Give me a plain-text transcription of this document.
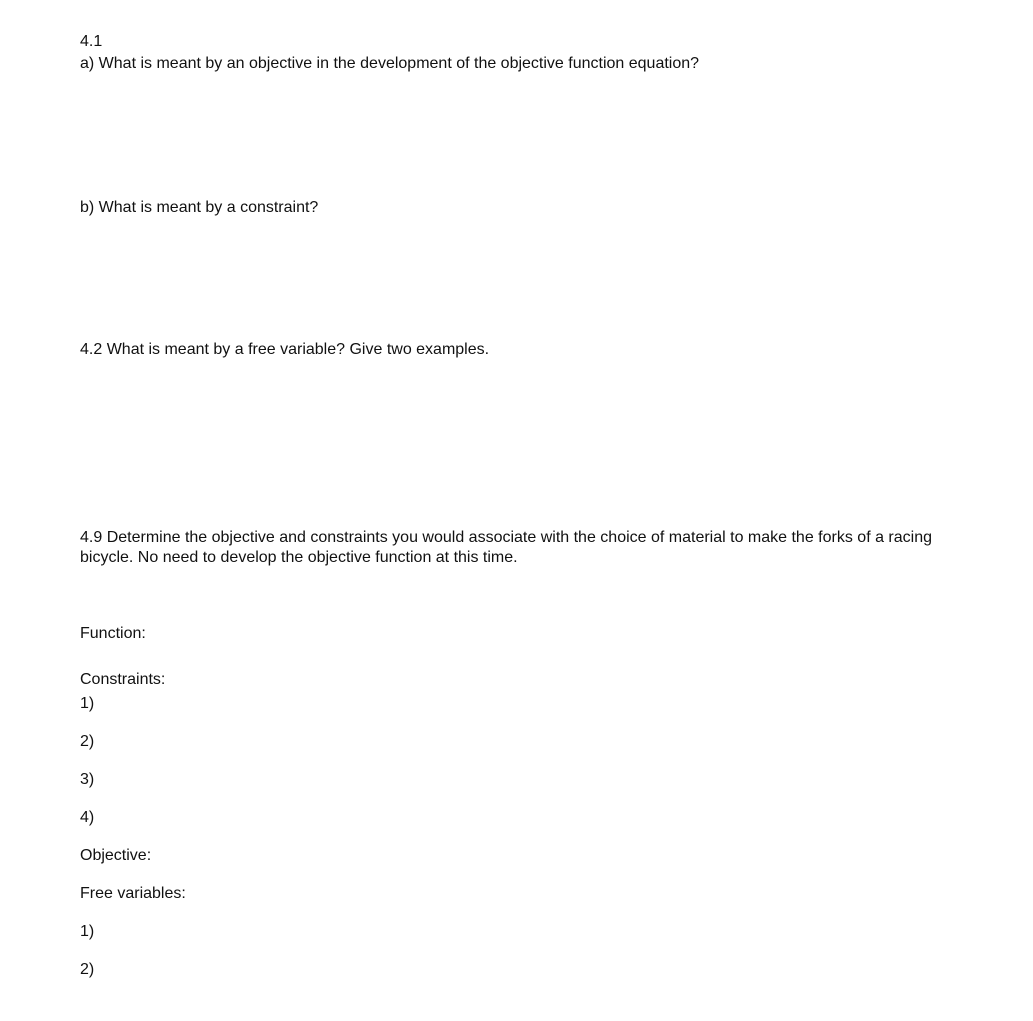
4.1
a) What is meant by an objective in the development of the objective function equation?
b) What is meant by a constraint?
4.2 What is meant by a free variable? Give two examples.
4.9 Determine the objective and constraints you would associate with the choice of material to make the forks of a racing bicycle. No need to develop the objective function at this time.
Function:
Constraints:
1)
2)
3)
4)
Objective:
Free variables:
1)
2)
